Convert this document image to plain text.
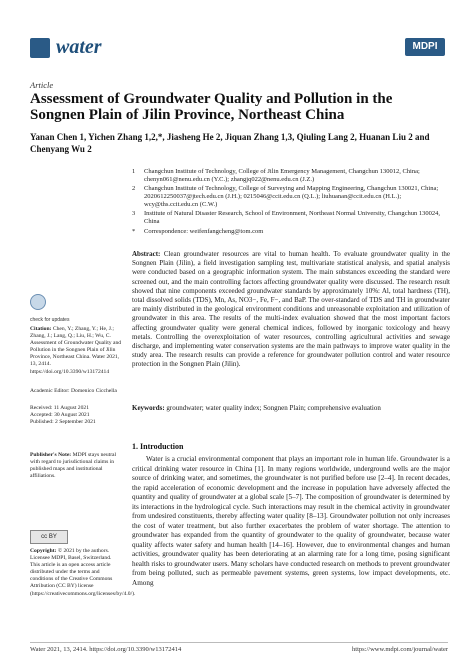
water	MDPI
Article
Assessment of Groundwater Quality and Pollution in the Songnen Plain of Jilin Province, Northeast China
Yanan Chen 1, Yichen Zhang 1,2,*, Jiasheng He 2, Jiquan Zhang 1,3, Qiuling Lang 2, Huanan Liu 2 and Chenyang Wu 2
1 Changchun Institute of Technology, College of Jilin Emergency Management, Changchun 130012, China; chenyn061@nenu.edu.cn (Y.C.); zhangjq022@nenu.edu.cn (J.Z.)
2 Changchun Institute of Technology, College of Surveying and Mapping Engineering, Changchun 130021, China; 2020612250037@jtech.edu.cn (J.H.); 0215046@ccit.edu.cn (Q.L.); liuhuanan@ccit.edu.cn (H.L.); wcy@ths.ccit.edu.cn (C.W.)
3 Institute of Natural Disaster Research, School of Environment, Northeast Normal University, Changchun 130024, China
* Correspondence: weifenfangcheng@tom.com
Abstract: Clean groundwater resources are vital to human health. To evaluate groundwater quality in the Songnen Plain (Jilin), a field investigation sampling test, multivariate statistical analysis, and spatial analysis were conducted based on a geographic information system. The main substances exceeding the standard were screened out, and the main controlling factors affecting groundwater quality were discussed. The research result showed that nine components exceeded groundwater standards by approximately 10%: Al, total hardness (TH), total dissolved solids (TDS), Mn, As, NO3−, Fe, F−, and BaP. The over-standard of TDS and TH in groundwater are mainly distributed in the geological environment conditions and unreasonable exploitation and utilization of groundwater in this area. The results of the multi-index evaluation showed that the most important factors affecting groundwater quality were general chemical indices, followed by inorganic toxicology and heavy metals. Controlling the overexploitation of water resources, controlling agricultural activities and sewage discharge, and implementing water conservation systems are the main pathways to improve water quality in the study area. The research results can provide a reference for groundwater pollution control and water resource protection in the Songnen Plain (Jilin).
Keywords: groundwater; water quality index; Songnen Plain; comprehensive evaluation
check for updates
Citation: Chen, Y.; Zhang, Y.; He, J.; Zhang, J.; Lang, Q.; Liu, H.; Wu, C. Assessment of Groundwater Quality and Pollution in the Songnen Plain of Jilin Province, Northeast China. Water 2021, 13, 2414. https://doi.org/10.3390/w13172414
Academic Editor: Domenico Cicchella
Received: 11 August 2021
Accepted: 30 August 2021
Published: 2 September 2021
Publisher's Note: MDPI stays neutral with regard to jurisdictional claims in published maps and institutional affiliations.
cc BY
Copyright: © 2021 by the authors. Licensee MDPI, Basel, Switzerland. This article is an open access article distributed under the terms and conditions of the Creative Commons Attribution (CC BY) license (https://creativecommons.org/licenses/by/4.0/).
1. Introduction

Water is a crucial environmental component that plays an important role in human life. Groundwater is a critical drinking water resource in China [1]. In many regions worldwide, underground wells are the major source of drinking water, and sometimes, the groundwater is not purified before use [2–4]. In recent decades, the rapid acceleration of economic development and the increase in population have adversely affected the quantity and quality of groundwater at a global scale [5–7]. The composition of groundwater is determined by its interactions in the hydrological cycle. Such interactions may result in the chemical activity in groundwater from undesired constituents, thereby affecting water quality [8–13]. Groundwater pollution not only increases the cost of water treatment, but also further exacerbates the problem of water shortage. The attention to groundwater has expanded from the quantity of groundwater to the quality of groundwater, because water quality affects water safety and human health [14–16]. However, due to environmental changes and human activities, groundwater quality has been deteriorating at an alarming rate for a long time, posing significant health risks to groundwater users. Many scholars have conducted research on methods to prevent groundwater from being polluted, such as permeable pavement systems, green systems, low impact developments, etc. Among

Water 2021, 13, 2414. https://doi.org/10.3390/w13172414	https://www.mdpi.com/journal/water
